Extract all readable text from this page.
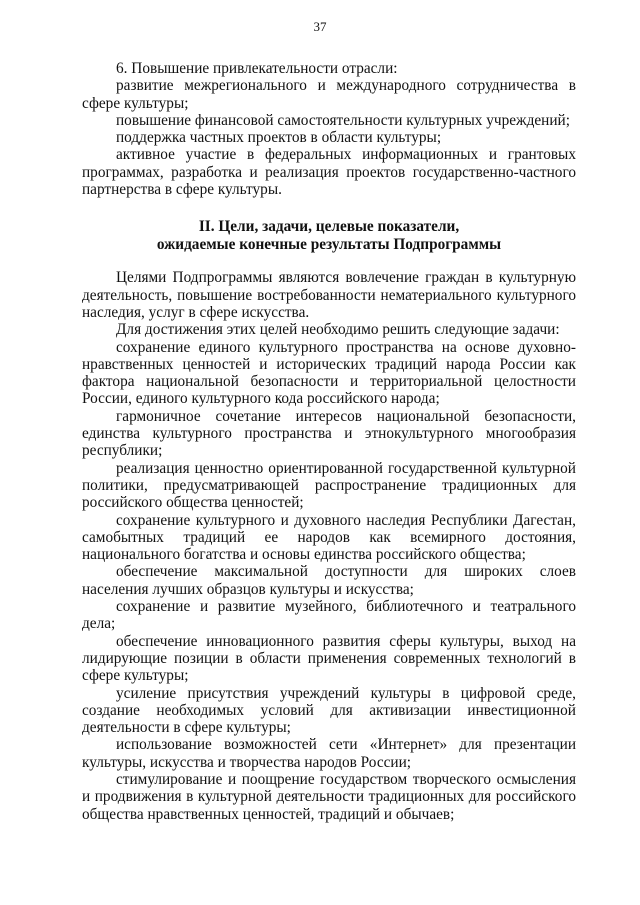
37

6. Повышение привлекательности отрасли:

развитие межрегионального и международного сотрудничества в сфере культуры;

повышение финансовой самостоятельности культурных учреждений;

поддержка частных проектов в области культуры;

активное участие в федеральных информационных и грантовых программах, разработка и реализация проектов государственно-частного партнерства в сфере культуры.

II. Цели, задачи, целевые показатели,
ожидаемые конечные результаты Подпрограммы

Целями Подпрограммы являются вовлечение граждан в культурную деятельность, повышение востребованности нематериального культурного наследия, услуг в сфере искусства.

Для достижения этих целей необходимо решить следующие задачи:

сохранение единого культурного пространства на основе духовно-нравственных ценностей и исторических традиций народа России как фактора национальной безопасности и территориальной целостности России, единого культурного кода российского народа;

гармоничное сочетание интересов национальной безопасности, единства культурного пространства и этнокультурного многообразия республики;

реализация ценностно ориентированной государственной культурной политики, предусматривающей распространение традиционных для российского общества ценностей;

сохранение культурного и духовного наследия Республики Дагестан, самобытных традиций ее народов как всемирного достояния, национального богатства и основы единства российского общества;

обеспечение максимальной доступности для широких слоев населения лучших образцов культуры и искусства;

сохранение и развитие музейного, библиотечного и театрального дела;

обеспечение инновационного развития сферы культуры, выход на лидирующие позиции в области применения современных технологий в сфере культуры;

усиление присутствия учреждений культуры в цифровой среде, создание необходимых условий для активизации инвестиционной деятельности в сфере культуры;

использование возможностей сети «Интернет» для презентации культуры, искусства и творчества народов России;

стимулирование и поощрение государством творческого осмысления и продвижения в культурной деятельности традиционных для российского общества нравственных ценностей, традиций и обычаев;
